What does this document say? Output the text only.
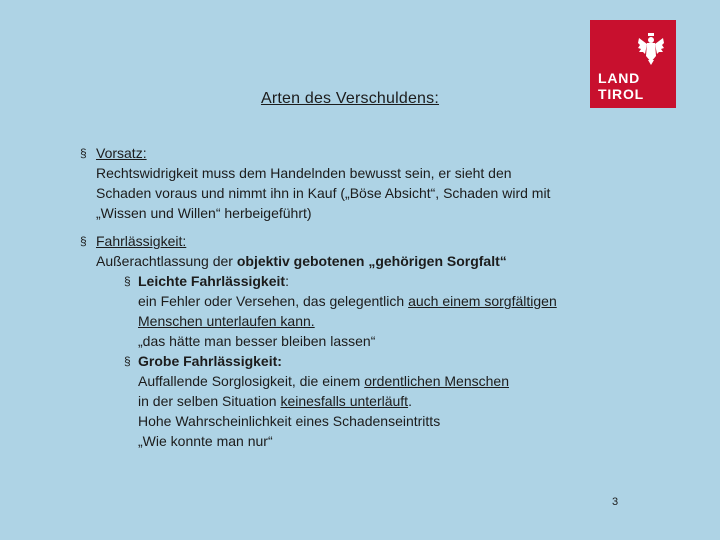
LAND
TIROL
Arten des Verschuldens:
§ Vorsatz:
Rechtswidrigkeit muss dem Handelnden bewusst sein, er sieht den
Schaden voraus und nimmt ihn in Kauf („Böse Absicht“, Schaden wird mit
„Wissen und Willen“ herbeigeführt)
§ Fahrlässigkeit:
Außerachtlassung der objektiv gebotenen „gehörigen Sorgfalt“
§ Leichte Fahrlässigkeit:
ein Fehler oder Versehen, das gelegentlich auch einem sorgfältigen
Menschen unterlaufen kann.
„das hätte man besser bleiben lassen“
§ Grobe Fahrlässigkeit:
Auffallende Sorglosigkeit, die einem ordentlichen Menschen
in der selben Situation keinesfalls unterläuft.
Hohe Wahrscheinlichkeit eines Schadenseintritts
„Wie konnte man nur“
3
